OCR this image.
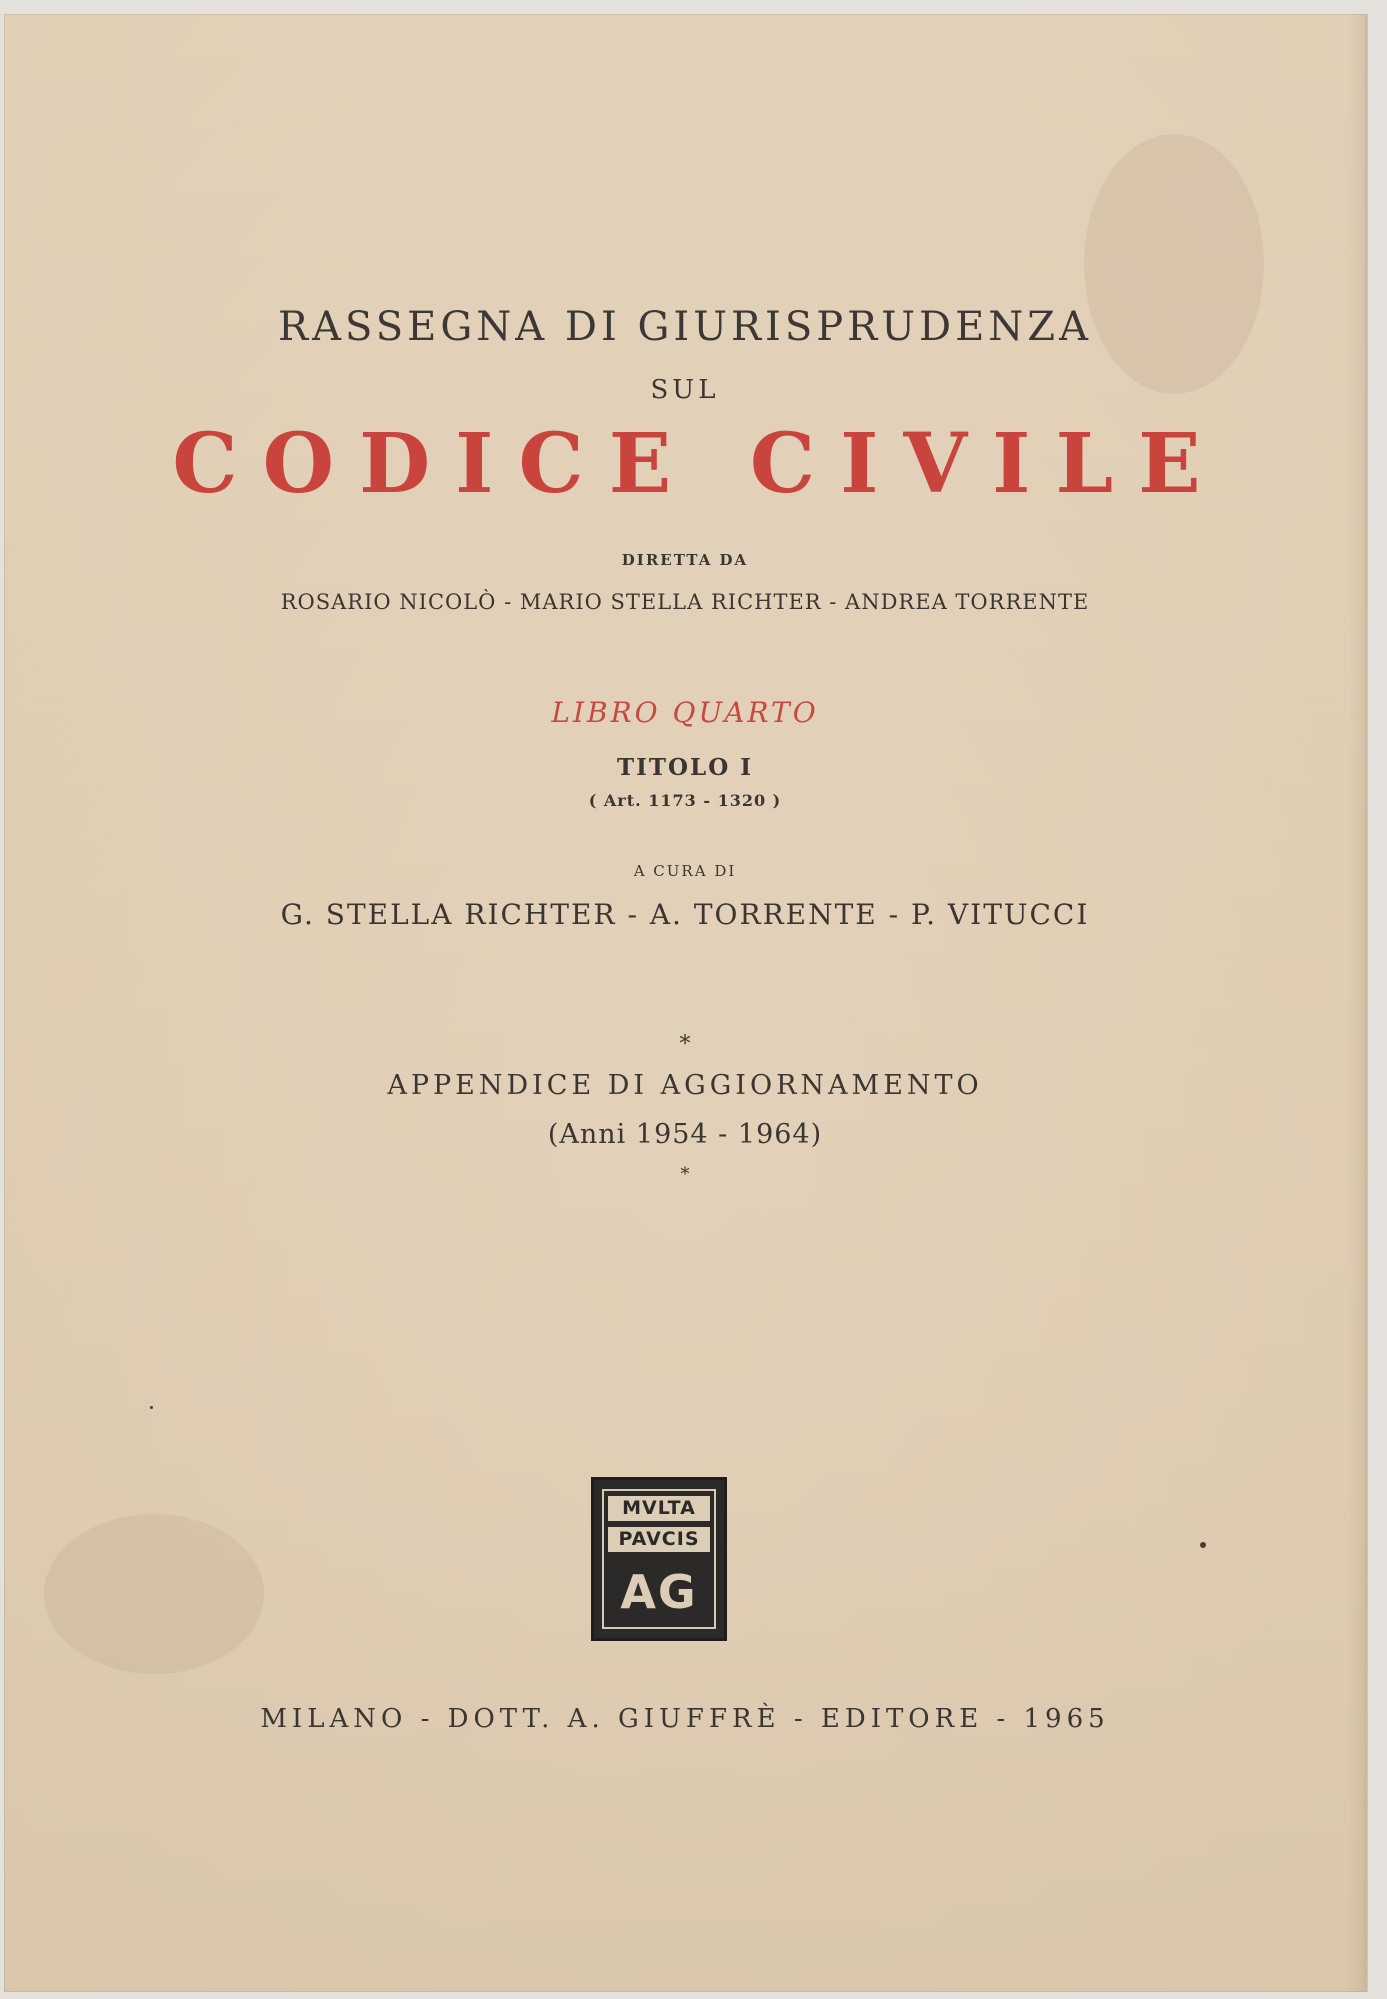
RASSEGNA DI GIURISPRUDENZA
SUL
CODICE CIVILE
DIRETTA DA
ROSARIO NICOLÒ - MARIO STELLA RICHTER - ANDREA TORRENTE
LIBRO QUARTO
TITOLO I
( Art. 1173 - 1320 )
A CURA DI
G. STELLA RICHTER - A. TORRENTE - P. VITUCCI
*
APPENDICE DI AGGIORNAMENTO
(Anni 1954 - 1964)
*
MVLTA
PAVCIS
AG
MILANO - DOTT. A. GIUFFRÈ - EDITORE - 1965
